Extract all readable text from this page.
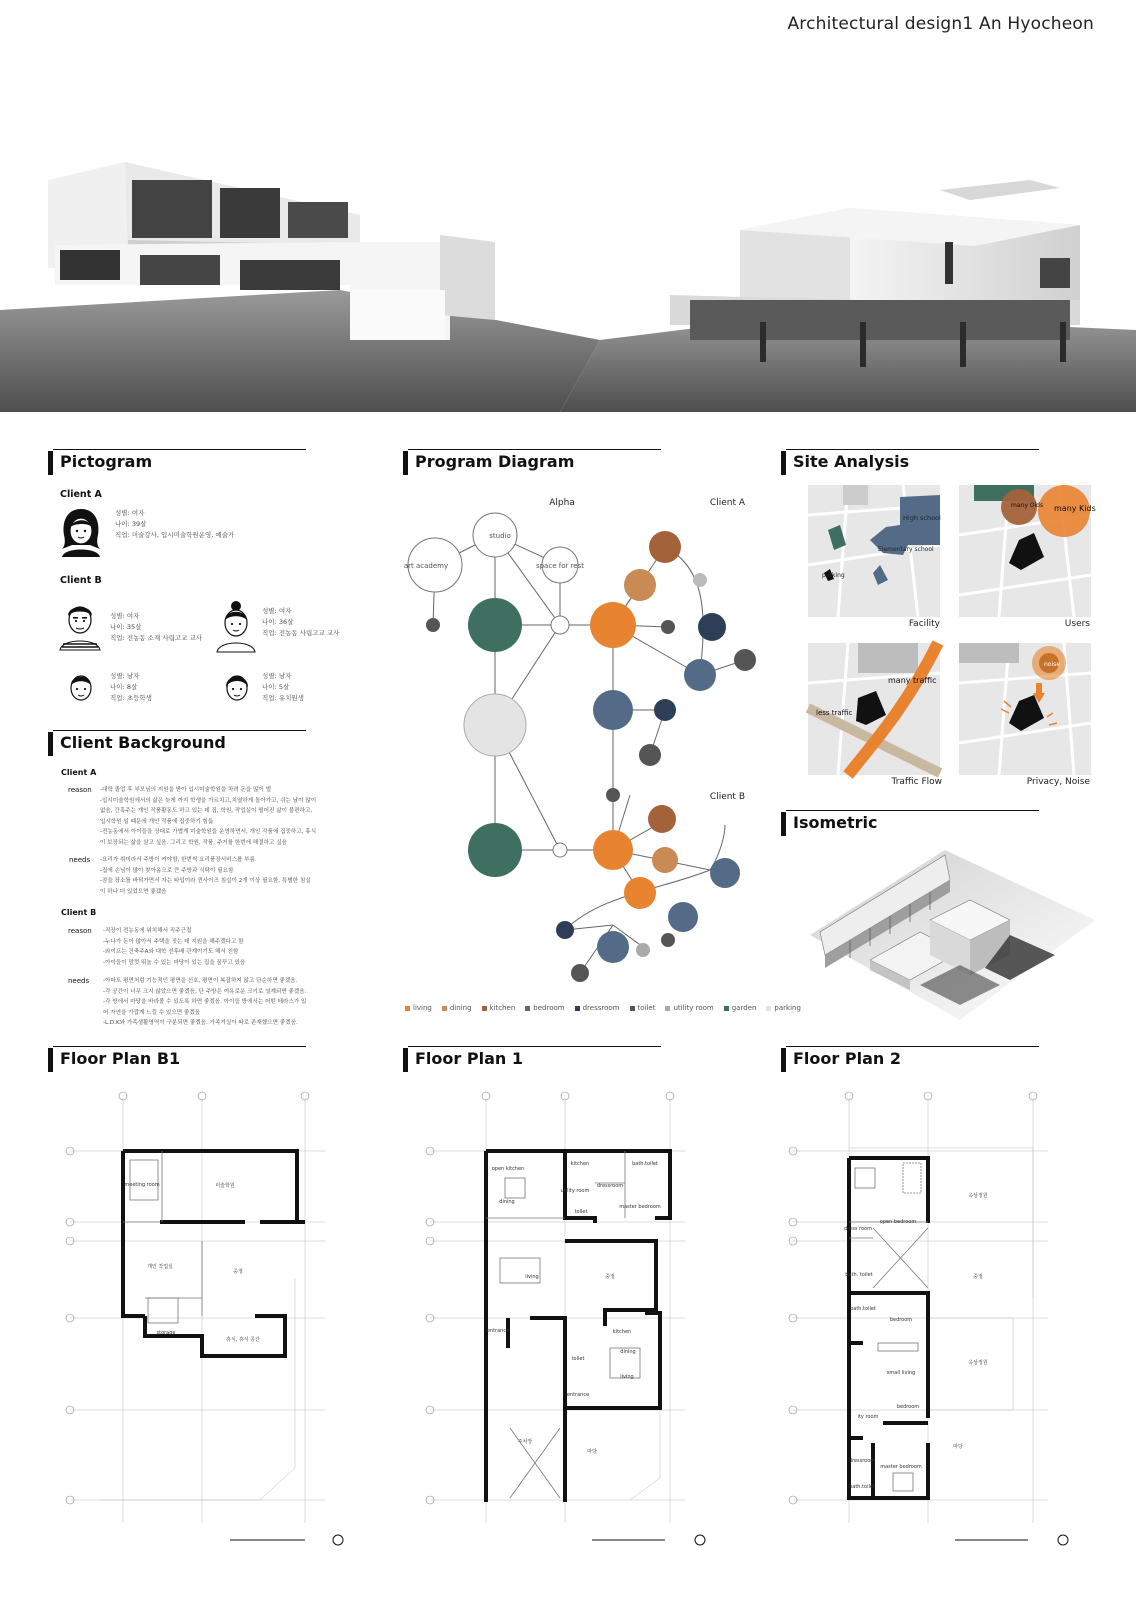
Architectural design1 An Hyocheon
Pictogram	Program Diagram	Site Analysis
Client Background
Isometric
Floor Plan B1	Floor Plan 1	Floor Plan 2
Client A
성별: 여자
나이: 39살
직업: 미술강사, 입시미술학원운영, 예술가
Client B
성별: 여자
나이: 35살
직업: 전농동 소재 사립고교 교사
성별: 여자
나이: 36살
직업: 전농동 사립고교 교사
성별: 남자
나이: 8살
직업: 초등학생
성별: 남자
나이: 5살
직업: 유치원생
Client A
reason -대학 졸업 후 부모님의 지원을 받아 입시미술학원을 차려 돈을 많이 벌
-입시미술학원에서의 삶은 늦게 까지 학생을 가르치고,치열하게 돌아가고, 쉬는 날이 많이
없음, 간혹주는 개인 작품활동도 하고 있는 데 집, 학원, 작업실이 떨어진 삶이 불편하고,
입시학원 일 때문에 개인 작품에 집중하기 힘듦
-전농동에서 아이들을 상대로 가볍게 미술학원을 운영하면서, 개인 작품에 집중하고, 휴식
이 보장되는 삶을 살고 싶음. 그리고 학원, 작품, 주거를 한번에 해결하고 싶음
needs -요리가 취미라서 주방이 커야함, 한번씩 요리품장서비스를 부름.
-집에 손님이 많이 찾아옴으로 큰 주방과 식탁이 필요함
-잠을 장소를 바꿔가면서 자는 타입이라 퀸사이즈 침실이 2개 이상 필요함, 특별한 침실
이 하나 더 있었으면 좋겠음
Client B
reason -직장이 전농동에 위치해서 직주근접
-누나가 돈이 많아서 주택을 짓는 데 지원을 해주겠다고 함
-와이프는 건축주A와 대학 선후배 관계이기도 해서 친함
-아이들이 맘껏 뛰놀 수 있는 마당이 있는 집을 꿈꾸고 있음
needs -아파트 평면처럼 기능적인 평면을 선호, 평면이 복잡하지 않고 단순하면 좋겠음.
-각 공간이 너무 크지 않았으면 좋겠음, 단 주방은 여유로운 크기로 설계되면 좋겠음.
-각 방에서 마당을 바라볼 수 있도록 하면 좋겠음. 아이들 방에서는 어떤 테라스가 있
어 자연을 가깝게 느낄 수 있으면 좋겠음
-L.D.K와 가족생활영역이 구분되면 좋겠음. 가족거실이 따로 존재했으면 좋겠음.
studio
art academy	space for rest
Alpha	Client A
Client B
living	dining	kitchen	bedroom	dressroom	toilet	utility room	garden	parking
High school
Elementary school
parking
Facility
many Olds many Kids
Users
many traffic
less traffic
Traffic Flow
noise
Privacy, Noise
meeting room	미술학원
개인 작업실
중정
storage
휴식, 휴식 공간
open kitchen
kitchen	bath.toilet
dressroom
utility room
dining
toilet
master bedroom
living	중정
entrance	kitchen
dining
toilet
living
entrance
주차장
마당
옥상정원
dress room
open bedroom
bath. toilet	중정
bath.toilet
bedroom
small living
옥상정원
bedroom
ity room
마당
dressroom
master bedroom
bath.toilet
